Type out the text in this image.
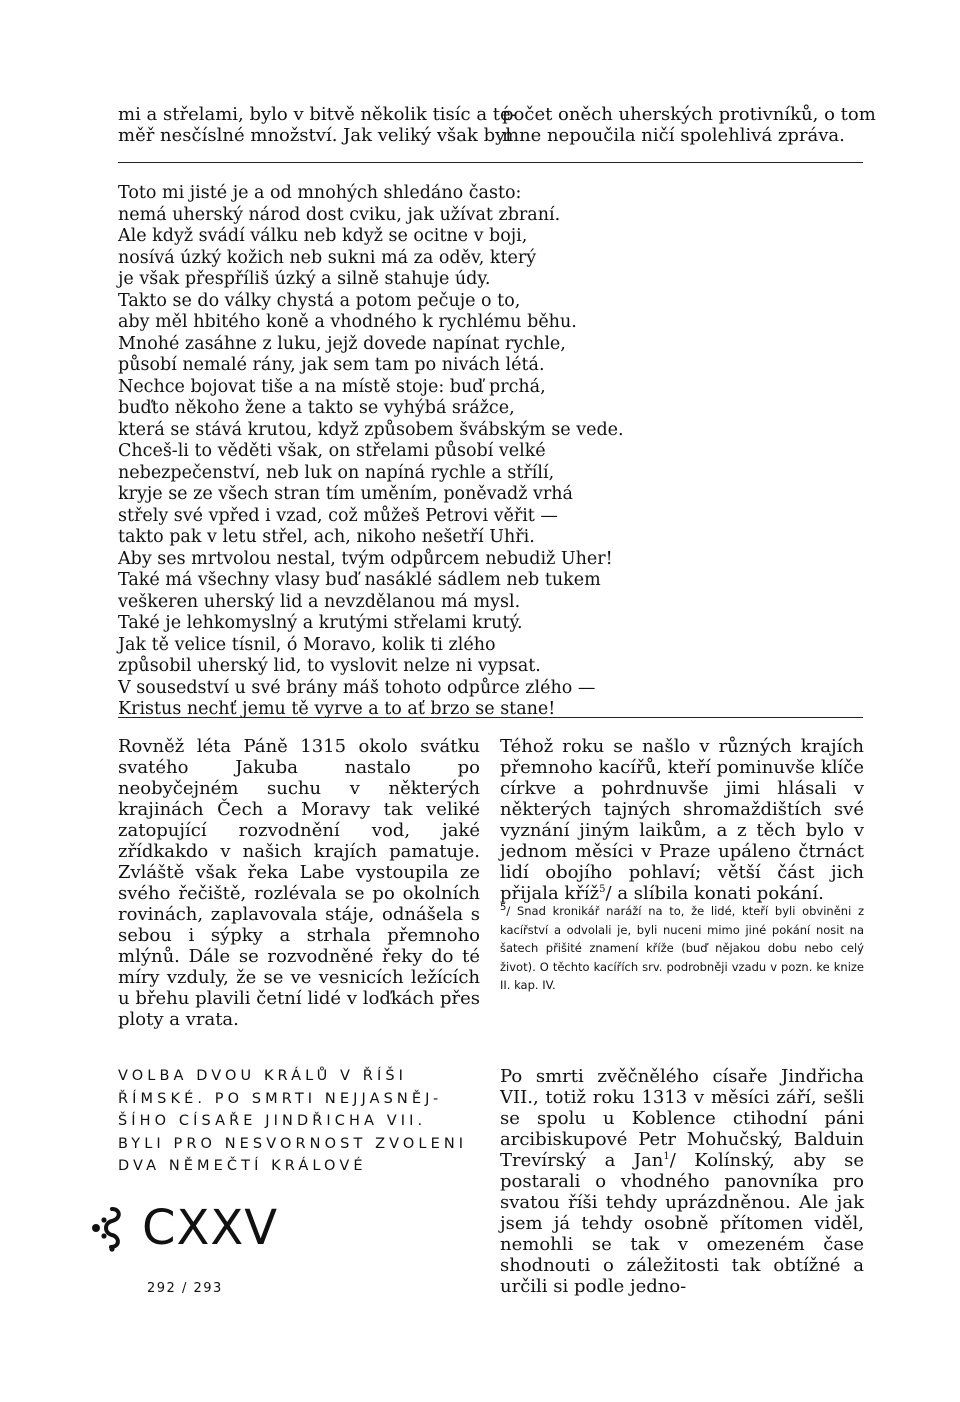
mi a střelami, bylo v bitvě několik tisíc a té-
měř nesčíslné množství. Jak veliký však byl
počet oněch uherských protivníků, o tom
mne nepoučila ničí spolehlivá zpráva.
Toto mi jisté je a od mnohých shledáno často:
nemá uherský národ dost cviku, jak užívat zbraní.
Ale když svádí válku neb když se ocitne v boji,
nosívá úzký kožich neb sukni má za oděv, který
je však přespříliš úzký a silně stahuje údy.
Takto se do války chystá a potom pečuje o to,
aby měl hbitého koně a vhodného k rychlému běhu.
Mnohé zasáhne z luku, jejž dovede napínat rychle,
působí nemalé rány, jak sem tam po nivách létá.
Nechce bojovat tiše a na místě stoje: buď prchá,
buďto někoho žene a takto se vyhýbá srážce,
která se stává krutou, když způsobem švábským se vede.
Chceš-li to věděti však, on střelami působí velké
nebezpečenství, neb luk on napíná rychle a střílí,
kryje se ze všech stran tím uměním, poněvadž vrhá
střely své vpřed i vzad, což můžeš Petrovi věřit —
takto pak v letu střel, ach, nikoho nešetří Uhři.
Aby ses mrtvolou nestal, tvým odpůrcem nebudiž Uher!
Také má všechny vlasy buď nasáklé sádlem neb tukem
veškeren uherský lid a nevzdělanou má mysl.
Také je lehkomyslný a krutými střelami krutý.
Jak tě velice tísnil, ó Moravo, kolik ti zlého
způsobil uherský lid, to vyslovit nelze ni vypsat.
V sousedství u své brány máš tohoto odpůrce zlého —
Kristus nechť jemu tě vyrve a to ať brzo se stane!

Rovněž léta Páně 1315 okolo svátku svatého Jakuba nastalo po neobyčejném suchu v některých krajinách Čech a Moravy tak veliké zatopující rozvodnění vod, jaké zřídkakdo v našich krajích pamatuje. Zvláště však řeka Labe vystoupila ze svého řečiště, rozlévala se po okolních rovinách, zaplavovala stáje, odnášela s sebou i sýpky a strhala přemnoho mlýnů. Dále se rozvodněné řeky do té míry vzduly, že se ve vesnicích ležících u břehu plavili četní lidé v loďkách přes ploty a vrata.

Téhož roku se našlo v různých krajích přemnoho kacířů, kteří pominuvše klíče církve a pohrdnuvše jimi hlásali v některých tajných shromaždištích své vyznání jiným laikům, a z těch bylo v jednom měsíci v Praze upáleno čtrnáct lidí obojího pohlaví; větší část jich přijala kříž$^5$/ a slíbila konati pokání.

$^5$/ Snad kronikář naráží na to, že lidé, kteří byli obviněni z kacířství a odvolali je, byli nuceni mimo jiné pokání nosit na šatech přišité znamení kříže (buď nějakou dobu nebo celý život). O těchto kacířích srv. podrobněji vzadu v pozn. ke knize II. kap. IV.
VOLBA DVOU KRÁLŮ V ŘÍŠI
ŘÍMSKÉ. PO SMRTI NEJJASNĚJ-
ŠÍHO CÍSAŘE JINDŘICHA VII.
BYLI PRO NESVORNOST ZVOLENI
DVA NĚMEČTÍ KRÁLOVÉ
CXXV

Po smrti zvěčnělého císaře Jindřicha VII., totiž roku 1313 v měsíci září, sešli se spolu u Koblence ctihodní páni arcibiskupové Petr Mohučský, Balduin Trevírský a Jan$^1$/ Kolínský, aby se postarali o vhodného panovníka pro svatou říši tehdy uprázdněnou. Ale jak jsem já tehdy osobně přítomen viděl, nemohli se tak v omezeném čase shodnouti o záležitosti tak obtížné a určili si podle jedno-

292 / 293
